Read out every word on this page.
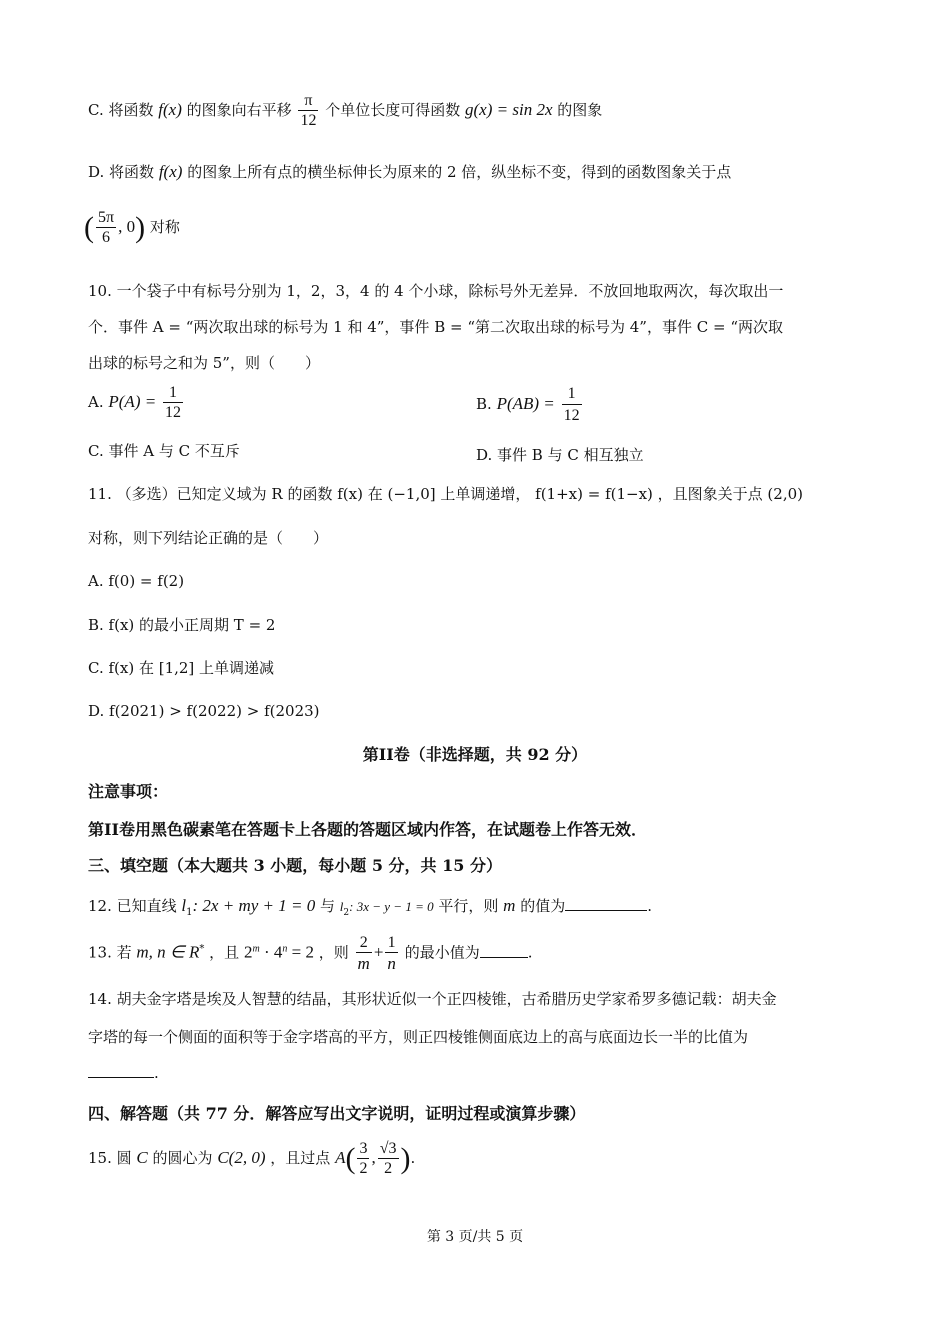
C. 将函数 f(x) 的图象向右平移 $\frac{\pi}{12}$ 个单位长度可得函数 g(x) = sin 2x 的图象
D. 将函数 f(x) 的图象上所有点的横坐标伸长为原来的 2 倍，纵坐标不变，得到的函数图象关于点
( $\frac{5\pi}{6}$ , 0) 对称
10. 一个袋子中有标号分别为 1，2，3，4 的 4 个小球，除标号外无差异．不放回地取两次，每次取出一
个．事件 A = “两次取出球的标号为 1 和 4”，事件 B = “第二次取出球的标号为 4”，事件 C = “两次取
出球的标号之和为 5”，则（　　）
A. $P(A) = \frac{1}{12}$	B. $P(AB) = \frac{1}{12}$
C. 事件 A 与 C 不互斥	D. 事件 B 与 C 相互独立
11. （多选）已知定义域为 R 的函数 f(x) 在 (−1,0] 上单调递增， f(1+x) = f(1−x) ，且图象关于点 (2,0)
对称，则下列结论正确的是（　　）
A. f(0) = f(2)
B. f(x) 的最小正周期 T = 2
C. f(x) 在 [1,2] 上单调递减
D. f(2021) > f(2022) > f(2023)
第II卷（非选择题，共 92 分）
注意事项：
第II卷用黑色碳素笔在答题卡上各题的答题区域内作答，在试题卷上作答无效．
三、填空题（本大题共 3 小题，每小题 5 分，共 15 分）
12. 已知直线 $l_1$: 2x + my + 1 = 0 与 $l_2$: 3x − y − 1 = 0 平行，则 m 的值为	.
13. 若 m, n ∈ R* ，且 $2^m \cdot 4^n = 2$ ，则 $\frac{2}{m} + \frac{1}{n}$ 的最小值为	.
14. 胡夫金字塔是埃及人智慧的结晶，其形状近似一个正四棱锥，古希腊历史学家希罗多德记载：胡夫金
字塔的每一个侧面的面积等于金字塔高的平方，则正四棱锥侧面底边上的高与底面边长一半的比值为
.
四、解答题（共 77 分．解答应写出文字说明，证明过程或演算步骤）
15. 圆 C 的圆心为 C(2, 0) ，且过点 $A( \frac{3}{2}$ , $\frac{√3}{2}$ ).
第 3 页/共 5 页
